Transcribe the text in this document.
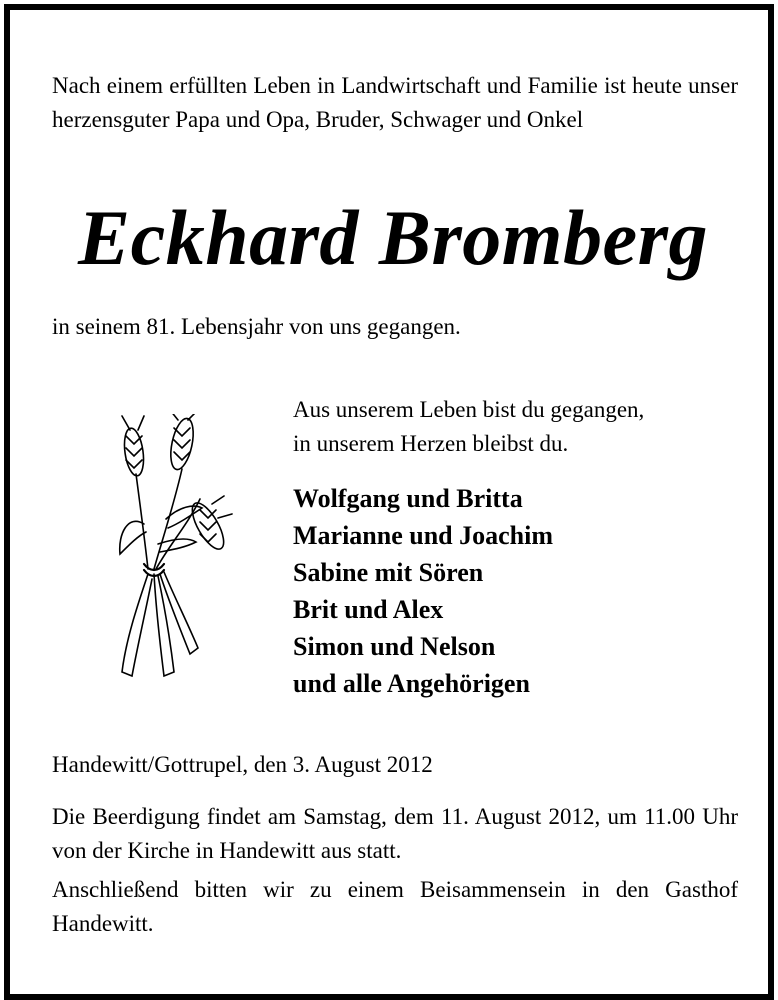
Nach einem erfüllten Leben in Landwirtschaft und Familie ist heute unser herzensguter Papa und Opa, Bruder, Schwager und Onkel

Eckhard Bromberg

in seinem 81. Lebensjahr von uns gegangen.

Aus unserem Leben bist du gegangen,
in unserem Herzen bleibst du.

Wolfgang und Britta

Marianne und Joachim

Sabine mit Sören

Brit und Alex

Simon und Nelson

und alle Angehörigen

Handewitt/Gottrupel, den 3. August 2012

Die Beerdigung findet am Samstag, dem 11. August 2012, um 11.00 Uhr von der Kirche in Handewitt aus statt.

Anschließend bitten wir zu einem Beisammensein in den Gasthof Handewitt.
